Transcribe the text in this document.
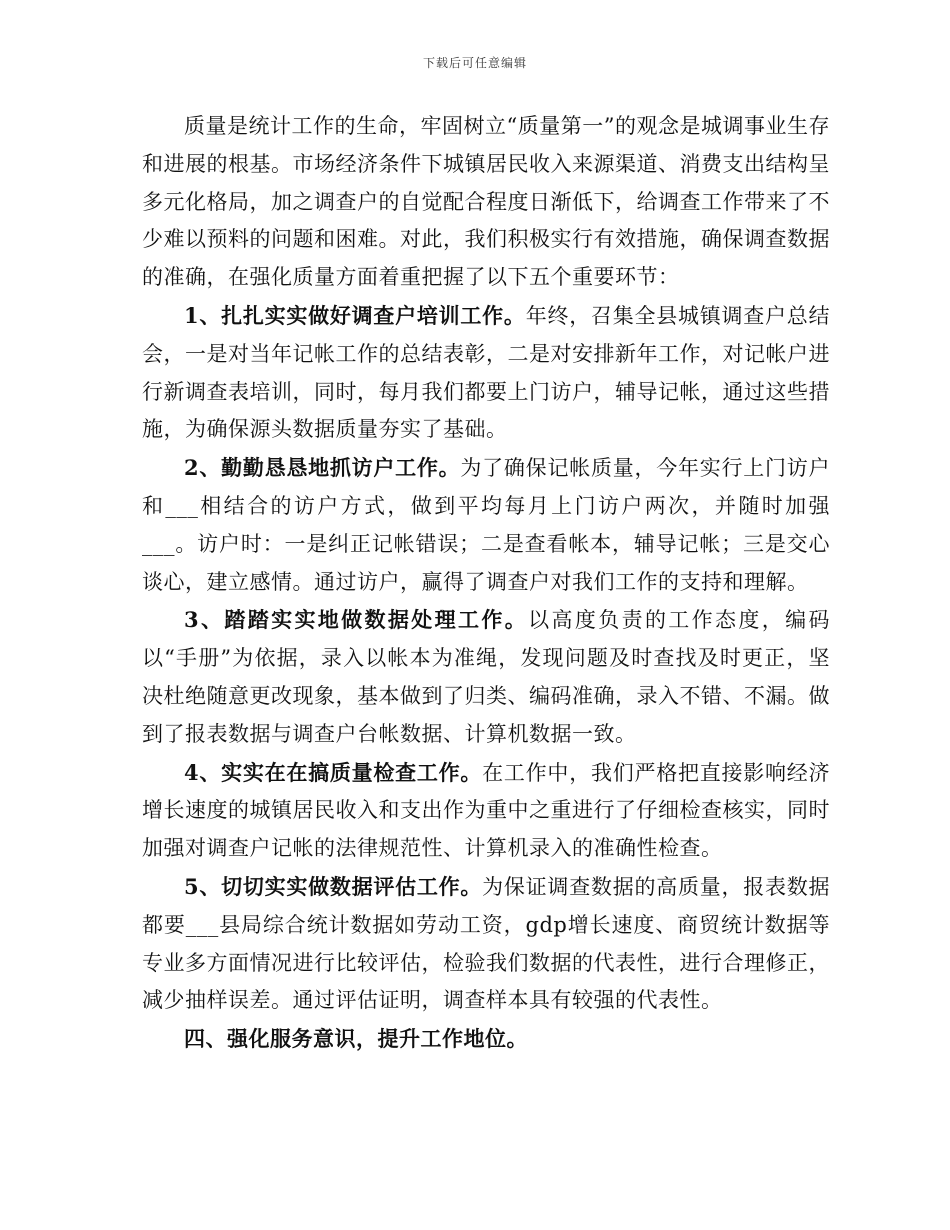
下载后可任意编辑

质量是统计工作的生命，牢固树立“质量第一”的观念是城调事业生存和进展的根基。市场经济条件下城镇居民收入来源渠道、消费支出结构呈多元化格局，加之调查户的自觉配合程度日渐低下，给调查工作带来了不少难以预料的问题和困难。对此，我们积极实行有效措施，确保调查数据的准确，在强化质量方面着重把握了以下五个重要环节：

1、扎扎实实做好调查户培训工作。年终，召集全县城镇调查户总结会，一是对当年记帐工作的总结表彰，二是对安排新年工作，对记帐户进行新调查表培训，同时，每月我们都要上门访户，辅导记帐，通过这些措施，为确保源头数据质量夯实了基础。

2、勤勤恳恳地抓访户工作。为了确保记帐质量，今年实行上门访户和___相结合的访户方式，做到平均每月上门访户两次，并随时加强___。访户时：一是纠正记帐错误；二是查看帐本，辅导记帐；三是交心谈心，建立感情。通过访户，赢得了调查户对我们工作的支持和理解。

3、踏踏实实地做数据处理工作。以高度负责的工作态度，编码以“手册”为依据，录入以帐本为准绳，发现问题及时查找及时更正，坚决杜绝随意更改现象，基本做到了归类、编码准确，录入不错、不漏。做到了报表数据与调查户台帐数据、计算机数据一致。

4、实实在在搞质量检查工作。在工作中，我们严格把直接影响经济增长速度的城镇居民收入和支出作为重中之重进行了仔细检查核实，同时加强对调查户记帐的法律规范性、计算机录入的准确性检查。

5、切切实实做数据评估工作。为保证调查数据的高质量，报表数据都要___县局综合统计数据如劳动工资，gdp增长速度、商贸统计数据等专业多方面情况进行比较评估，检验我们数据的代表性，进行合理修正，减少抽样误差。通过评估证明，调查样本具有较强的代表性。

四、强化服务意识，提升工作地位。
